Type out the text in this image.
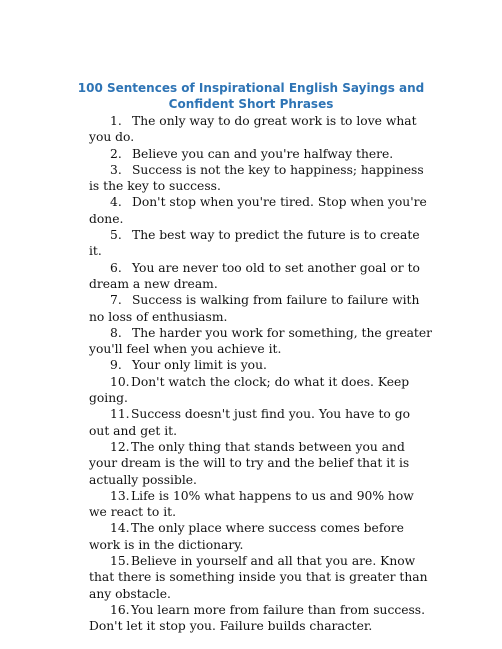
100 Sentences of Inspirational English Sayings and Confident Short Phrases
1. The only way to do great work is to love what you do.
2. Believe you can and you're halfway there.
3. Success is not the key to happiness; happiness is the key to success.
4. Don't stop when you're tired. Stop when you're done.
5. The best way to predict the future is to create it.
6. You are never too old to set another goal or to dream a new dream.
7. Success is walking from failure to failure with no loss of enthusiasm.
8. The harder you work for something, the greater you'll feel when you achieve it.
9. Your only limit is you.
10.Don't watch the clock; do what it does. Keep going.
11.Success doesn't just find you. You have to go out and get it.
12.The only thing that stands between you and your dream is the will to try and the belief that it is actually possible.
13.Life is 10% what happens to us and 90% how we react to it.
14.The only place where success comes before work is in the dictionary.
15.Believe in yourself and all that you are. Know that there is something inside you that is greater than any obstacle.
16.You learn more from failure than from success. Don't let it stop you. Failure builds character.
